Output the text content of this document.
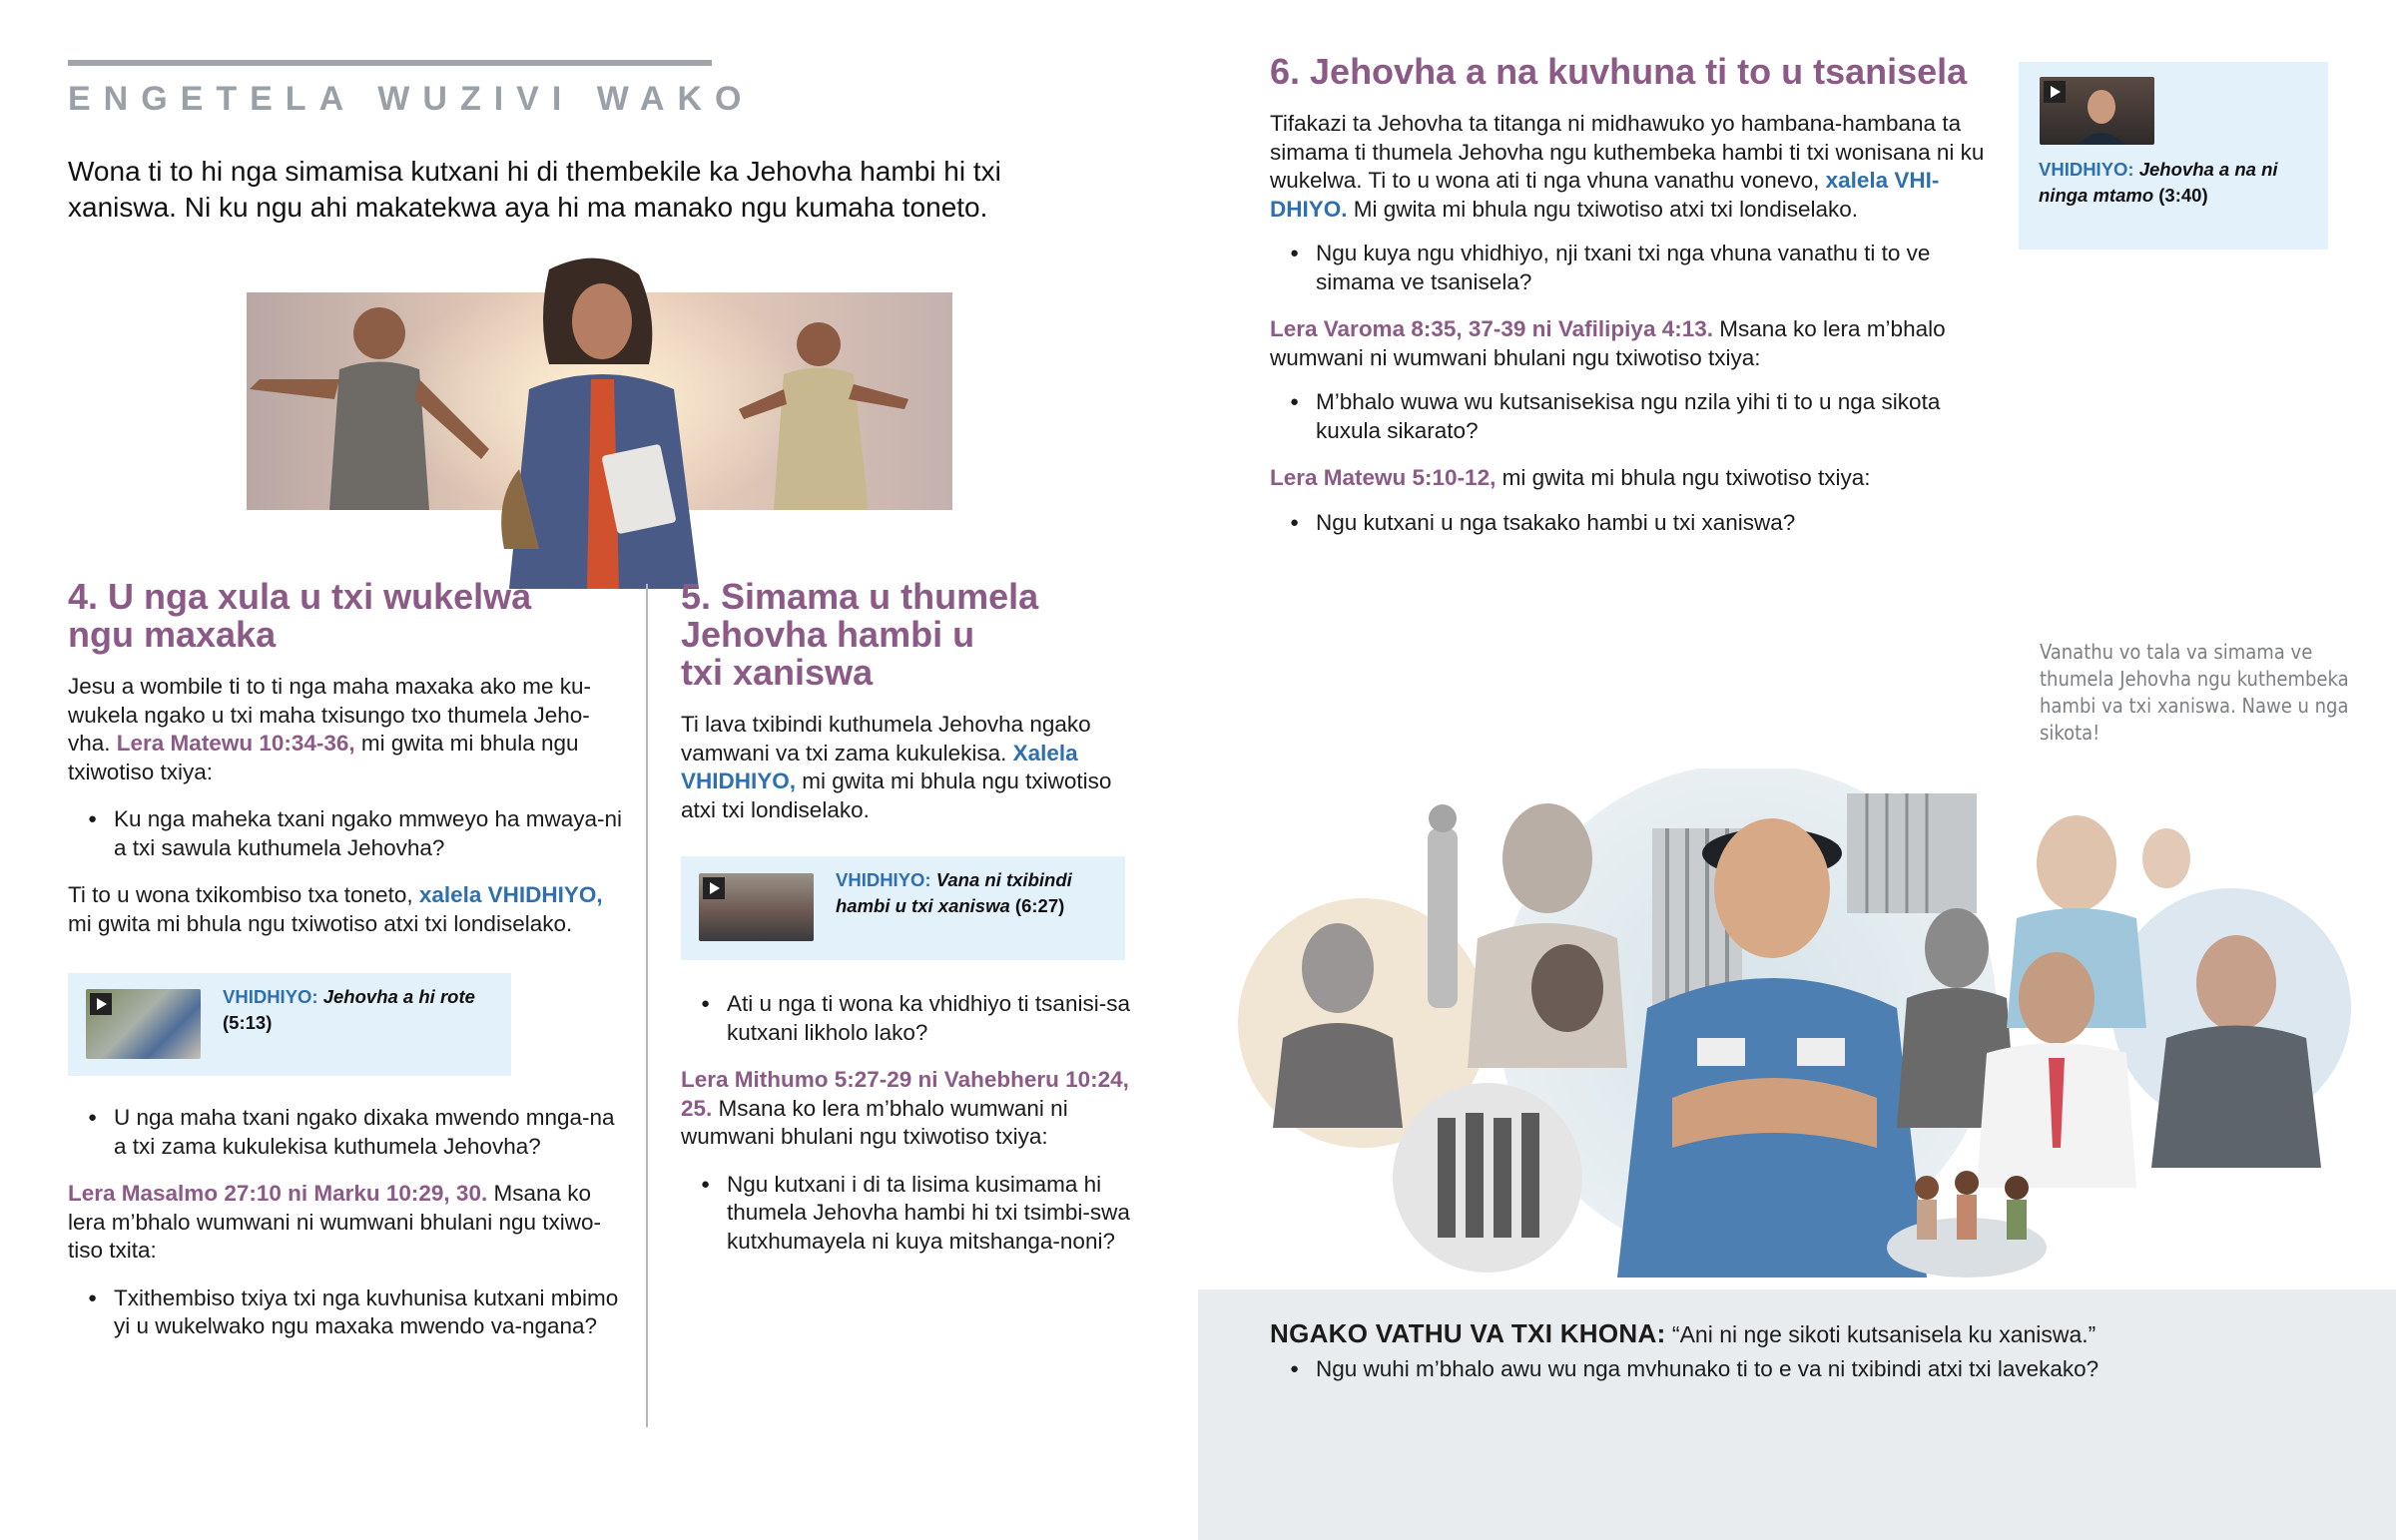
ENGETELA WUZIVI WAKO
Wona ti to hi nga simamisa kutxani hi di thembekile ka Jehovha hambi hi txi xaniswa. Ni ku ngu ahi makatekwa aya hi ma manako ngu kumaha toneto.
4. U nga xula u txi wukelwa
ngu maxaka
Jesu a wombile ti to ti nga maha maxaka ako me ku-wukela ngako u txi maha txisungo txo thumela Jeho-vha. Lera Matewu 10:34-36, mi gwita mi bhula ngu txiwotiso txiya:
● Ku nga maheka txani ngako mmweyo ha mwaya-ni a txi sawula kuthumela Jehovha?
Ti to u wona txikombiso txa toneto, xalela VHIDHIYO, mi gwita mi bhula ngu txiwotiso atxi txi londiselako.
VHIDHIYO: Jehovha a hi rote (5:13)
● U nga maha txani ngako dixaka mwendo mnga-na a txi zama kukulekisa kuthumela Jehovha?
Lera Masalmo 27:10 ni Marku 10:29, 30. Msana ko lera m’bhalo wumwani ni wumwani bhulani ngu txiwo-tiso txita:
● Txithembiso txiya txi nga kuvhunisa kutxani mbimo yi u wukelwako ngu maxaka mwendo va-ngana?
5. Simama u thumela
Jehovha hambi u
txi xaniswa
Ti lava txibindi kuthumela Jehovha ngako vamwani va txi zama kukulekisa. Xalela VHIDHIYO, mi gwita mi bhula ngu txiwotiso atxi txi londiselako.
VHIDHIYO: Vana ni txibindi hambi u txi xaniswa (6:27)
● Ati u nga ti wona ka vhidhiyo ti tsanisi-sa kutxani likholo lako?
Lera Mithumo 5:27-29 ni Vahebheru 10:24, 25. Msana ko lera m’bhalo wumwani ni wumwani bhulani ngu txiwotiso txiya:
● Ngu kutxani i di ta lisima kusimama hi thumela Jehovha hambi hi txi tsimbi-swa kutxhumayela ni kuya mitshanga-noni?
6. Jehovha a na kuvhuna ti to u tsanisela
Tifakazi ta Jehovha ta titanga ni midhawuko yo hambana-hambana ta simama ti thumela Jehovha ngu kuthembeka hambi ti txi wonisana ni ku wukelwa. Ti to u wona ati ti nga vhuna vanathu vonevo, xalela VHI-DHIYO. Mi gwita mi bhula ngu txiwotiso atxi txi londiselako.
● Ngu kuya ngu vhidhiyo, nji txani txi nga vhuna vanathu ti to ve simama ve tsanisela?
Lera Varoma 8:35, 37-39 ni Vafilipiya 4:13. Msana ko lera m’bhalo wumwani ni wumwani bhulani ngu txiwotiso txiya:
● M’bhalo wuwa wu kutsanisekisa ngu nzila yihi ti to u nga sikota kuxula sikarato?
Lera Matewu 5:10-12, mi gwita mi bhula ngu txiwotiso txiya:
● Ngu kutxani u nga tsakako hambi u txi xaniswa?
VHIDHIYO: Jehovha a na ni ninga mtamo (3:40)
Vanathu vo tala va simama ve thumela Jehovha ngu kuthembeka hambi va txi xaniswa. Nawe u nga sikota!
NGAKO VATHU VA TXI KHONA: “Ani ni nge sikoti kutsanisela ku xaniswa.”
● Ngu wuhi m’bhalo awu wu nga mvhunako ti to e va ni txibindi atxi txi lavekako?
